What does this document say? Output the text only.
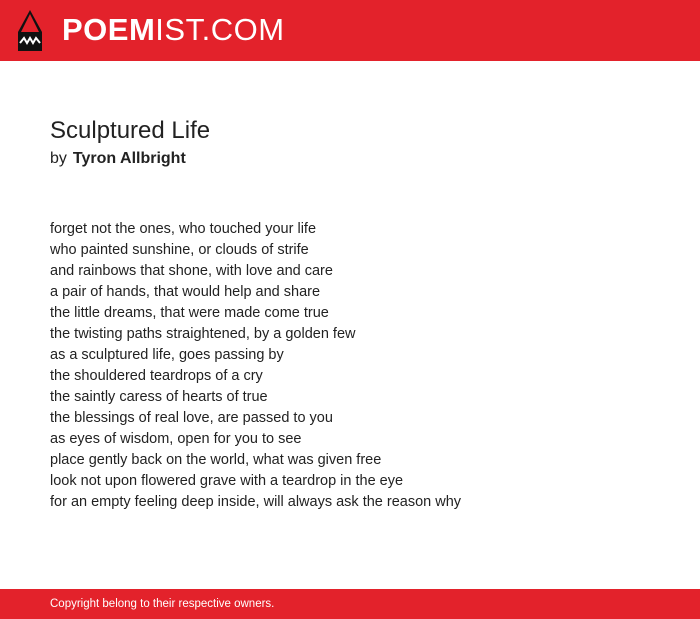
POEMIST.COM
Sculptured Life
by Tyron Allbright
forget not the ones, who touched your life
who painted sunshine, or clouds of strife
and rainbows that shone, with love and care
a pair of hands, that would help and share
the little dreams, that were made come true
the twisting paths straightened, by a golden few
as a sculptured life, goes passing by
the shouldered teardrops of a cry
the saintly caress of hearts of true
the blessings of real love, are passed to you
as eyes of wisdom, open for you to see
place gently back on the world, what was given free
look not upon flowered grave with a teardrop in the eye
for an empty feeling deep inside, will always ask the reason why
Copyright belong to their respective owners.
